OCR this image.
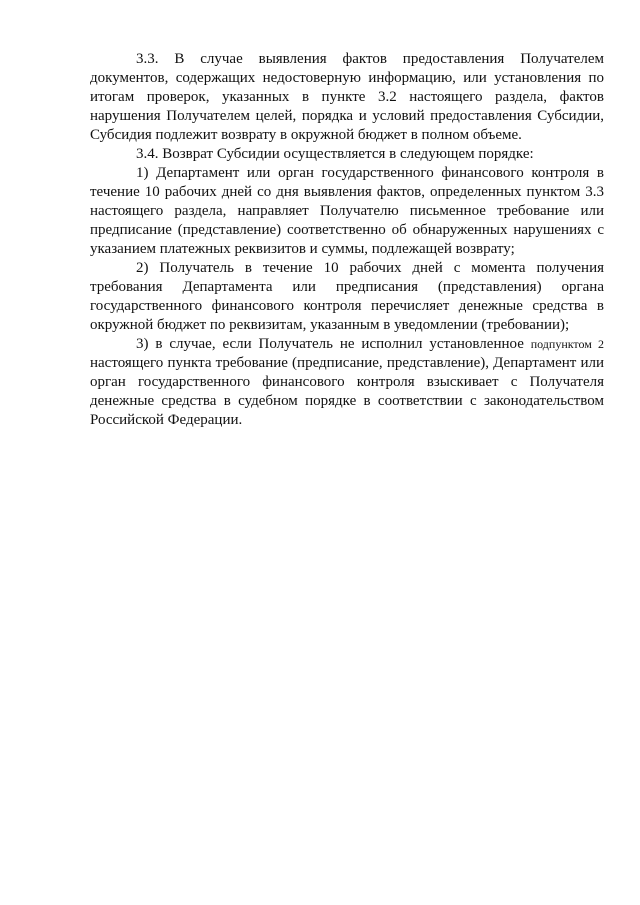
3.3. В случае выявления фактов предоставления Получателем документов, содержащих недостоверную информацию, или установления по итогам проверок, указанных в пункте 3.2 настоящего раздела, фактов нарушения Получателем целей, порядка и условий предоставления Субсидии, Субсидия подлежит возврату в окружной бюджет в полном объеме.

3.4. Возврат Субсидии осуществляется в следующем порядке:

1) Департамент или орган государственного финансового контроля в течение 10 рабочих дней со дня выявления фактов, определенных пунктом 3.3 настоящего раздела, направляет Получателю письменное требование или предписание (представление) соответственно об обнаруженных нарушениях с указанием платежных реквизитов и суммы, подлежащей возврату;

2) Получатель в течение 10 рабочих дней с момента получения требования Департамента или предписания (представления) органа государственного финансового контроля перечисляет денежные средства в окружной бюджет по реквизитам, указанным в уведомлении (требовании);

3) в случае, если Получатель не исполнил установленное подпунктом 2 настоящего пункта требование (предписание, представление), Департамент или орган государственного финансового контроля взыскивает с Получателя денежные средства в судебном порядке в соответствии с законодательством Российской Федерации.
